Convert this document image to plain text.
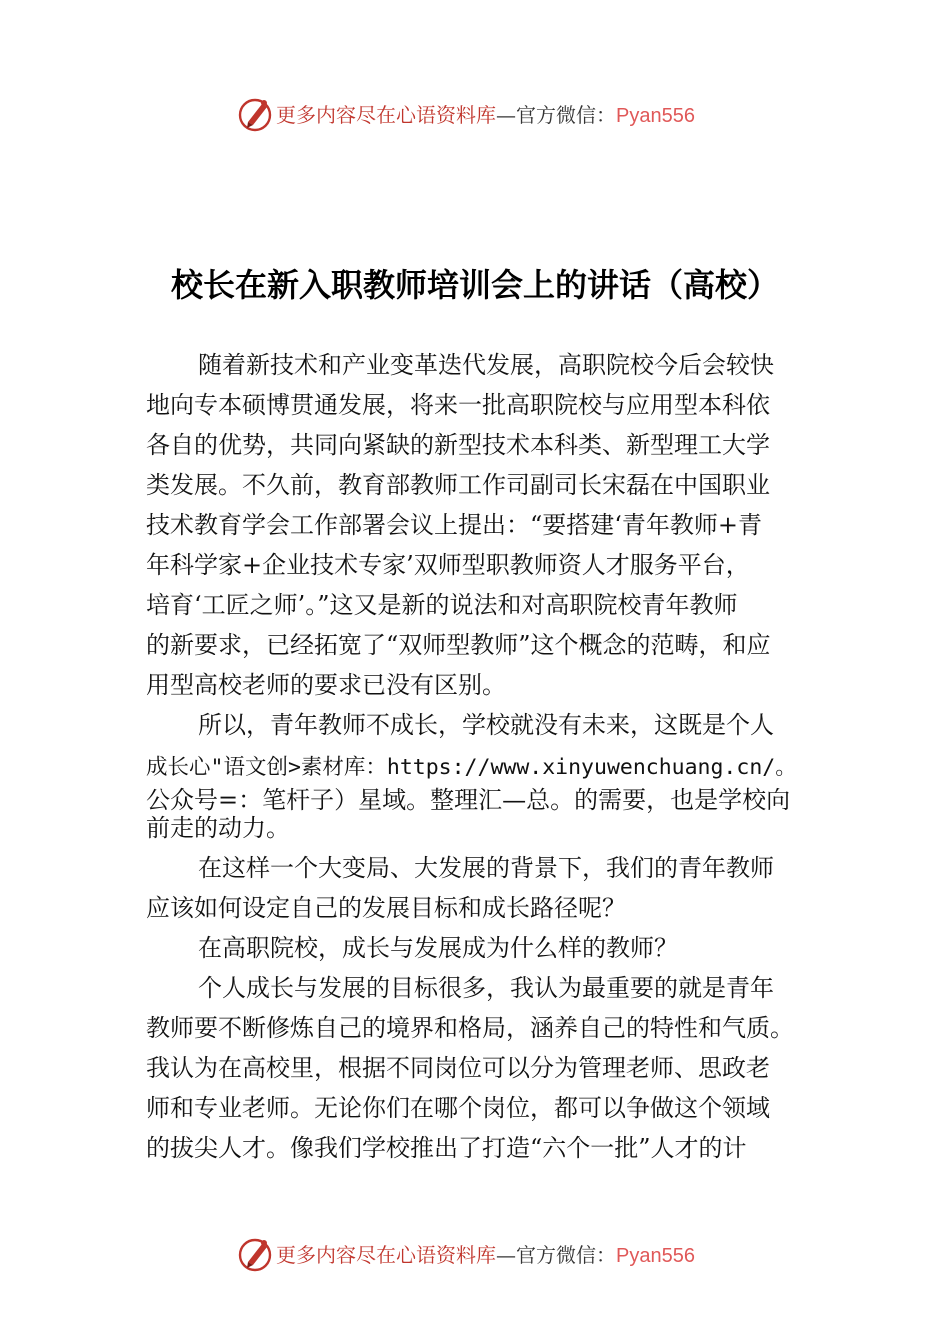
更多内容尽在心语资料库—官方微信：Pyan556
校长在新入职教师培训会上的讲话（高校）
随着新技术和产业变革迭代发展，高职院校今后会较快
地向专本硕博贯通发展，将来一批高职院校与应用型本科依
各自的优势，共同向紧缺的新型技术本科类、新型理工大学
类发展。不久前，教育部教师工作司副司长宋磊在中国职业
技术教育学会工作部署会议上提出：“要搭建‘青年教师+青
年科学家+企业技术专家’双师型职教师资人才服务平台，
培育‘工匠之师’。”这又是新的说法和对高职院校青年教师
的新要求，已经拓宽了“双师型教师”这个概念的范畴，和应
用型高校老师的要求已没有区别。
所以，青年教师不成长，学校就没有未来，这既是个人
成长心"语文创>素材库：https://www.xinyuwenchuang.cn/。
公众号=：笔杆子）星域。整理汇—总。的需要，也是学校向
前走的动力。
在这样一个大变局、大发展的背景下，我们的青年教师
应该如何设定自己的发展目标和成长路径呢？
在高职院校，成长与发展成为什么样的教师？
个人成长与发展的目标很多，我认为最重要的就是青年
教师要不断修炼自己的境界和格局，涵养自己的特性和气质。
我认为在高校里，根据不同岗位可以分为管理老师、思政老
师和专业老师。无论你们在哪个岗位，都可以争做这个领域
的拔尖人才。像我们学校推出了打造“六个一批”人才的计
更多内容尽在心语资料库—官方微信：Pyan556
